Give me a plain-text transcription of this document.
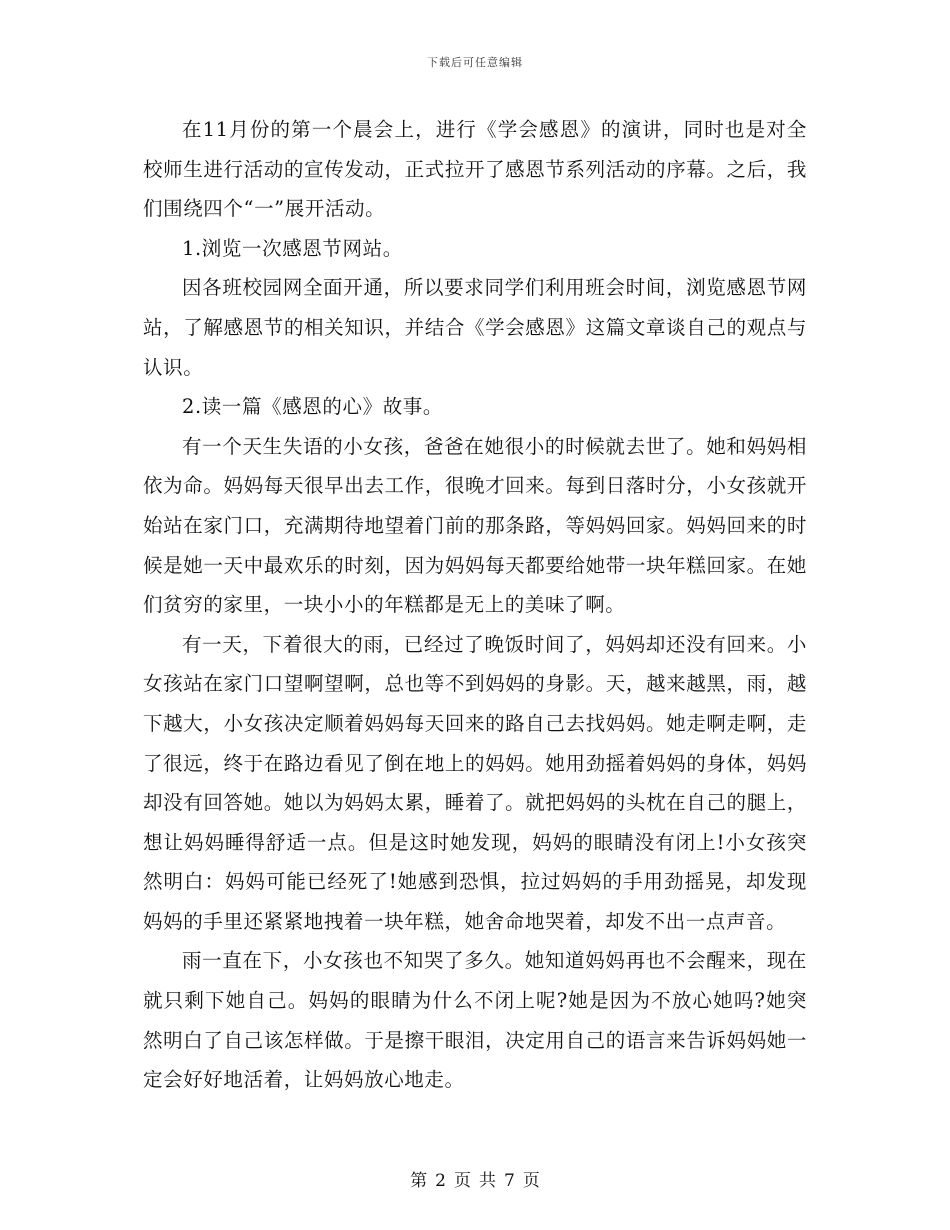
下载后可任意编辑

在11月份的第一个晨会上，进行《学会感恩》的演讲，同时也是对全校师生进行活动的宣传发动，正式拉开了感恩节系列活动的序幕。之后，我们围绕四个“一”展开活动。

1.浏览一次感恩节网站。

因各班校园网全面开通，所以要求同学们利用班会时间，浏览感恩节网站，了解感恩节的相关知识，并结合《学会感恩》这篇文章谈自己的观点与认识。

2.读一篇《感恩的心》故事。

有一个天生失语的小女孩，爸爸在她很小的时候就去世了。她和妈妈相依为命。妈妈每天很早出去工作，很晚才回来。每到日落时分，小女孩就开始站在家门口，充满期待地望着门前的那条路，等妈妈回家。妈妈回来的时候是她一天中最欢乐的时刻，因为妈妈每天都要给她带一块年糕回家。在她们贫穷的家里，一块小小的年糕都是无上的美味了啊。

有一天，下着很大的雨，已经过了晚饭时间了，妈妈却还没有回来。小女孩站在家门口望啊望啊，总也等不到妈妈的身影。天，越来越黑，雨，越下越大，小女孩决定顺着妈妈每天回来的路自己去找妈妈。她走啊走啊，走了很远，终于在路边看见了倒在地上的妈妈。她用劲摇着妈妈的身体，妈妈却没有回答她。她以为妈妈太累，睡着了。就把妈妈的头枕在自己的腿上，想让妈妈睡得舒适一点。但是这时她发现，妈妈的眼睛没有闭上!小女孩突然明白：妈妈可能已经死了!她感到恐惧，拉过妈妈的手用劲摇晃，却发现妈妈的手里还紧紧地拽着一块年糕，她舍命地哭着，却发不出一点声音。

雨一直在下，小女孩也不知哭了多久。她知道妈妈再也不会醒来，现在就只剩下她自己。妈妈的眼睛为什么不闭上呢?她是因为不放心她吗?她突然明白了自己该怎样做。于是擦干眼泪，决定用自己的语言来告诉妈妈她一定会好好地活着，让妈妈放心地走。

第 2 页 共 7 页
